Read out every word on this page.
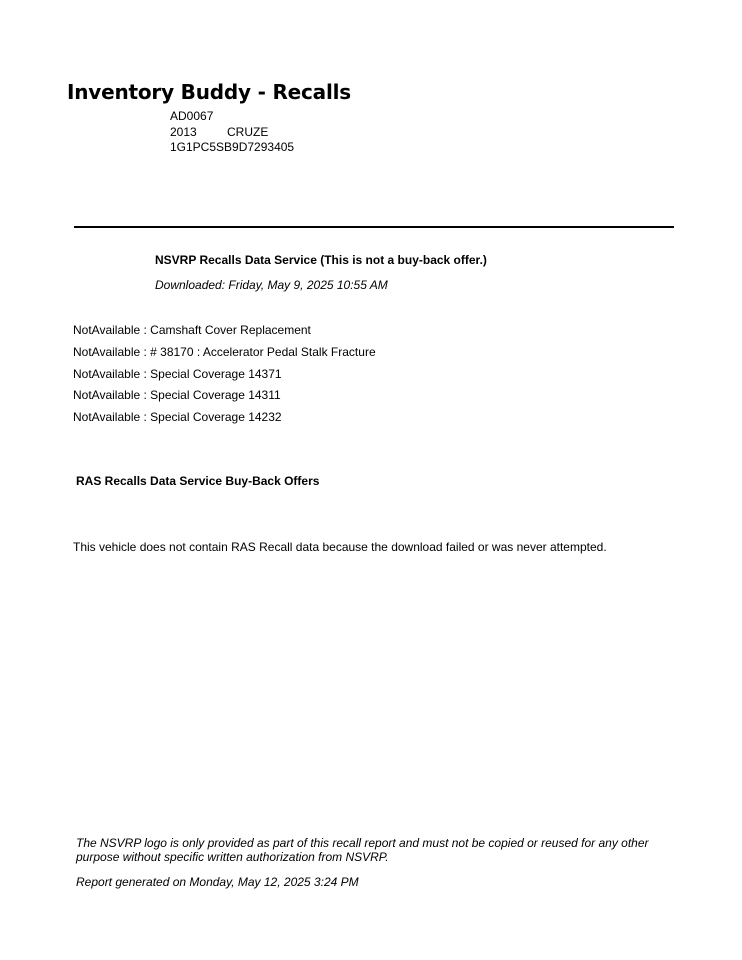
Inventory Buddy - Recalls
AD0067
2013	CRUZE
1G1PC5SB9D7293405
NSVRP Recalls Data Service (This is not a buy-back offer.)
Downloaded: Friday, May 9, 2025 10:55 AM
NotAvailable : Camshaft Cover Replacement
NotAvailable : # 38170 : Accelerator Pedal Stalk Fracture
NotAvailable : Special Coverage 14371
NotAvailable : Special Coverage 14311
NotAvailable : Special Coverage 14232
RAS Recalls Data Service Buy-Back Offers
This vehicle does not contain RAS Recall data because the download failed or was never attempted.
The NSVRP logo is only provided as part of this recall report and must not be copied or reused for any other purpose without specific written authorization from NSVRP.
Report generated on Monday, May 12, 2025 3:24 PM
